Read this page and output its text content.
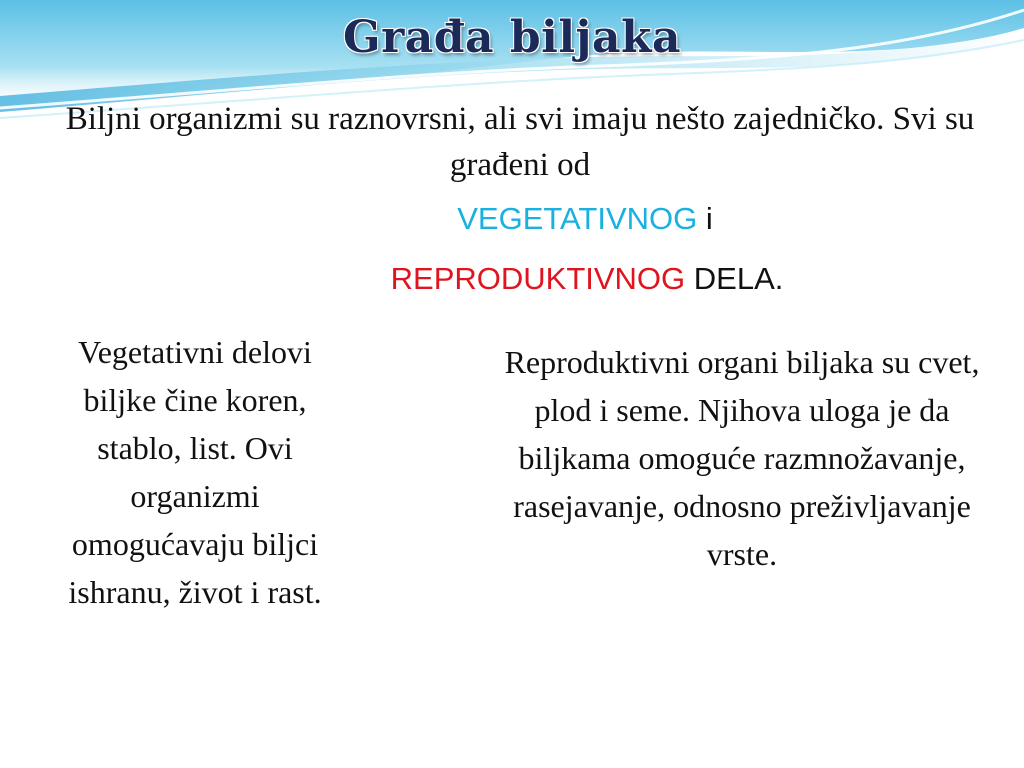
Građa biljaka
Biljni organizmi su raznovrsni, ali svi imaju nešto zajedničko. Svi su građeni od
VEGETATIVNOG i
REPRODUKTIVNOG DELA.
Vegetativni delovi biljke čine koren, stablo, list. Ovi organizmi omogućavaju biljci ishranu, život i rast.
Reproduktivni organi biljaka su cvet, plod i seme. Njihova uloga je da biljkama omoguće razmnožavanje, rasejavanje, odnosno preživljavanje vrste.
